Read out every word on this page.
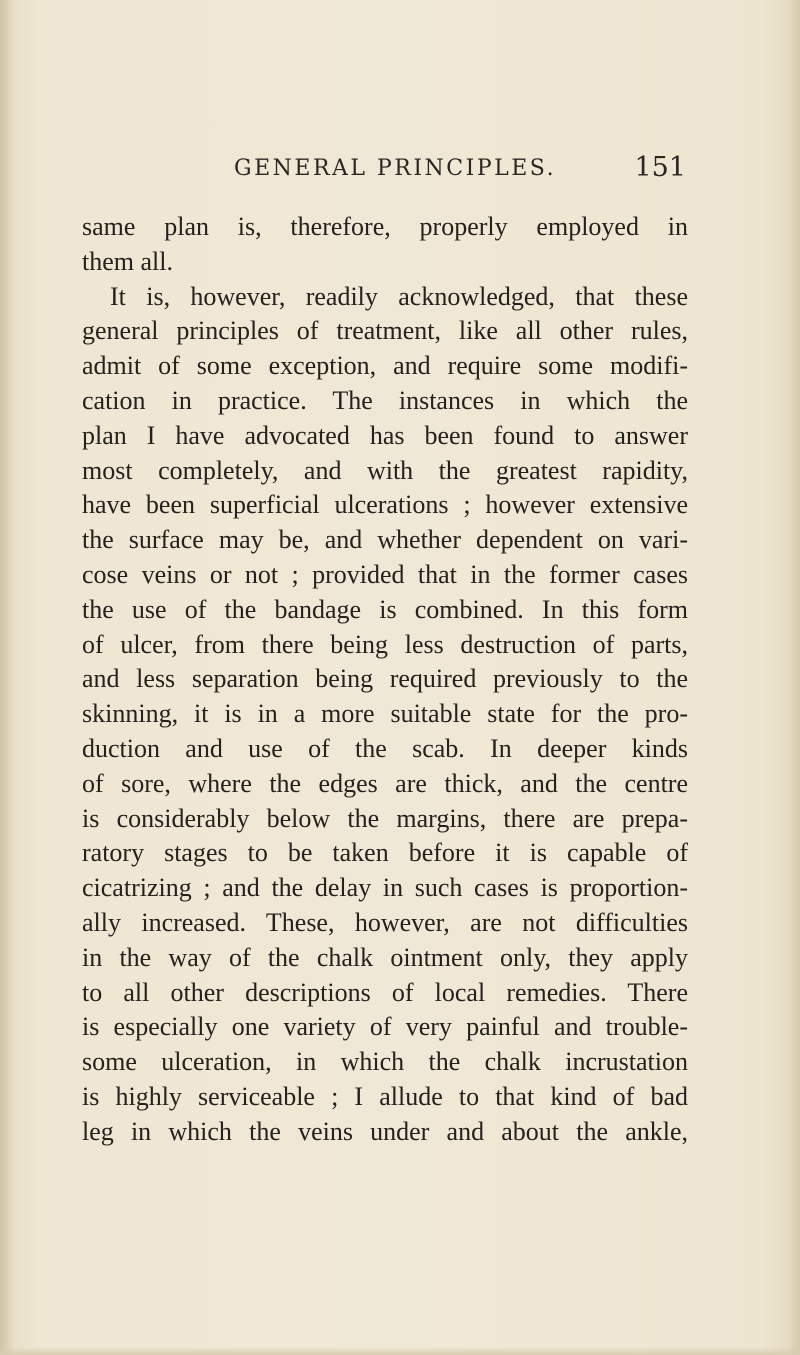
GENERAL PRINCIPLES.	151
same plan is, therefore, properly employed in
them all.
It is, however, readily acknowledged, that these
general principles of treatment, like all other rules,
admit of some exception, and require some modifi-
cation in practice. The instances in which the
plan I have advocated has been found to answer
most completely, and with the greatest rapidity,
have been superficial ulcerations ; however extensive
the surface may be, and whether dependent on vari-
cose veins or not ; provided that in the former cases
the use of the bandage is combined. In this form
of ulcer, from there being less destruction of parts,
and less separation being required previously to the
skinning, it is in a more suitable state for the pro-
duction and use of the scab. In deeper kinds
of sore, where the edges are thick, and the centre
is considerably below the margins, there are prepa-
ratory stages to be taken before it is capable of
cicatrizing ; and the delay in such cases is proportion-
ally increased. These, however, are not difficulties
in the way of the chalk ointment only, they apply
to all other descriptions of local remedies. There
is especially one variety of very painful and trouble-
some ulceration, in which the chalk incrustation
is highly serviceable ; I allude to that kind of bad
leg in which the veins under and about the ankle,
